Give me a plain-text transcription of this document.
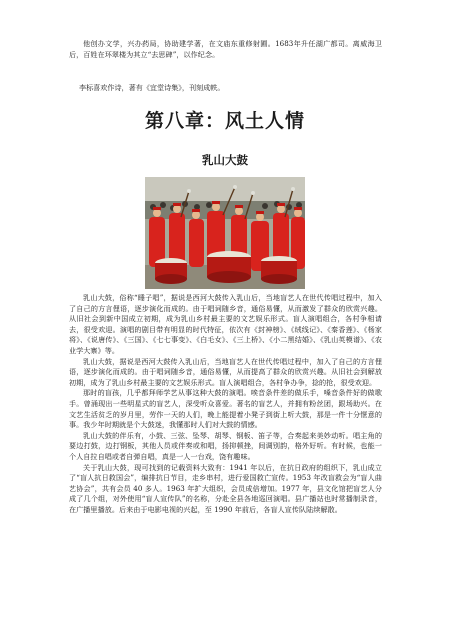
他创办文学，兴办药局，协助建学著，在文庙东重修射圃。1683年升任湖广都司。离威海卫后，百姓在环翠楼为其立“去思碑”，以作纪念。

李标喜欢作诗，著有《宜堂诗集》，刊刻成帙。

第八章：风土人情
乳山大鼓

乳山大鼓，俗称“睡子唱”，据说是西河大鼓传入乳山后，当地盲艺人在世代传唱过程中，加入了自己的方言俚语，逐步演化而成的。由于唱词随乡音，通俗易懂，从而激发了群众的欣赏兴趣。从旧社会到新中国成立初期，成为乳山乡村最主要的文艺娱乐形式。盲人演唱组合，各村争相请去，很受欢迎。演唱的剧目带有明显的时代特征，依次有《封神榜》、《绒线记》、《秦香莲》、《杨家将》、《说唐传》、《三国》、《七七事变》、《白毛女》、《三上桥》、《小二黑结婚》、《乳山英模谱》、《农业学大寨》等。

乳山大鼓，据说是西河大鼓传入乳山后，当地盲艺人在世代传唱过程中，加入了自己的方言俚语，逐步演化而成的。由于唱词随乡音，通俗易懂，从而提高了群众的欣赏兴趣。从旧社会到解放初期，成为了乳山乡村最主要的文艺娱乐形式。盲人演唱组合，各村争办争，捻的抢，很受欢迎。

那时的盲孩，几乎都拜师学艺从事这种大鼓的演唱。唉音条件差的做乐手，嗓音条件好的做歌手。曾涌现出一些明星式的盲艺人，深受听众喜爱。著名的盲艺人，并拥有粉丝团，跟场助兴。在文艺生活贫乏的岁月里，劳作一天的人们，晚上能提着小凳子到街上听大鼓，那是一件十分惬意的事。我少年时期就是个大鼓迷，我懂那时人们对大鼓的情感。

乳山大鼓的伴乐有，小鼓、三弦、坠琴、胡琴、钢板、笛子等，合奏起来美妙动听。唱主角的要边打鼓，边打钢板，其他人员或伴奏或和唱，扬抑顿挫，间调别韵，格外好听。有时候，也能一个人自拉自唱或者自弹自唱，真是一人一台戏，饶有趣味。

关于乳山大鼓，现可找到的记载资料大致有：1941 年以后，在抗日政府的组织下，乳山成立了“盲人抗日救国会”，编排抗日节目，走乡串村，进行爱国救亡宣传。1953 年改盲救会为“盲人曲艺协会”，共有会员 40 多人。1963 年扩大组织，会员成倍增加。1977 年，县文化馆把盲艺人分成了几个组，对外使用“盲人宣传队”的名称，分赴全县各地巡回演唱。县广播站也时常播制录音，在广播里播放。后来由于电影电视的兴起，至 1990 年前后，各盲人宣传队陆续解散。
